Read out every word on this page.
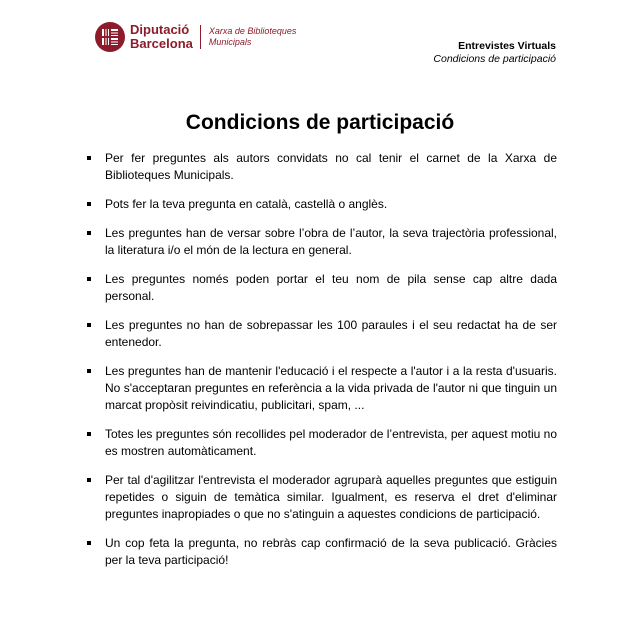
Diputació
Barcelona
Xarxa de Biblioteques
Municipals	Entrevistes Virtuals
Condicions de participació
Condicions de participació
Per fer preguntes als autors convidats no cal tenir el carnet de la Xarxa de Biblioteques Municipals.
Pots fer la teva pregunta en català, castellà o anglès.
Les preguntes han de versar sobre l’obra de l’autor, la seva trajectòria professional, la literatura i/o el món de la lectura en general.
Les preguntes només poden portar el teu nom de pila sense cap altre dada personal.
Les preguntes no han de sobrepassar les 100 paraules i el seu redactat ha de ser entenedor.
Les preguntes han de mantenir l'educació i el respecte a l'autor i a la resta d'usuaris. No s'acceptaran preguntes en referència a la vida privada de l'autor ni que tinguin un marcat propòsit reivindicatiu, publicitari, spam, ...
Totes les preguntes són recollides pel moderador de l’entrevista, per aquest motiu no es mostren automàticament.
Per tal d'agilitzar l'entrevista el moderador agruparà aquelles preguntes que estiguin repetides o siguin de temàtica similar. Igualment, es reserva el dret d'eliminar preguntes inapropiades o que no s'atinguin a aquestes condicions de participació.
Un cop feta la pregunta, no rebràs cap confirmació de la seva publicació. Gràcies per la teva participació!
